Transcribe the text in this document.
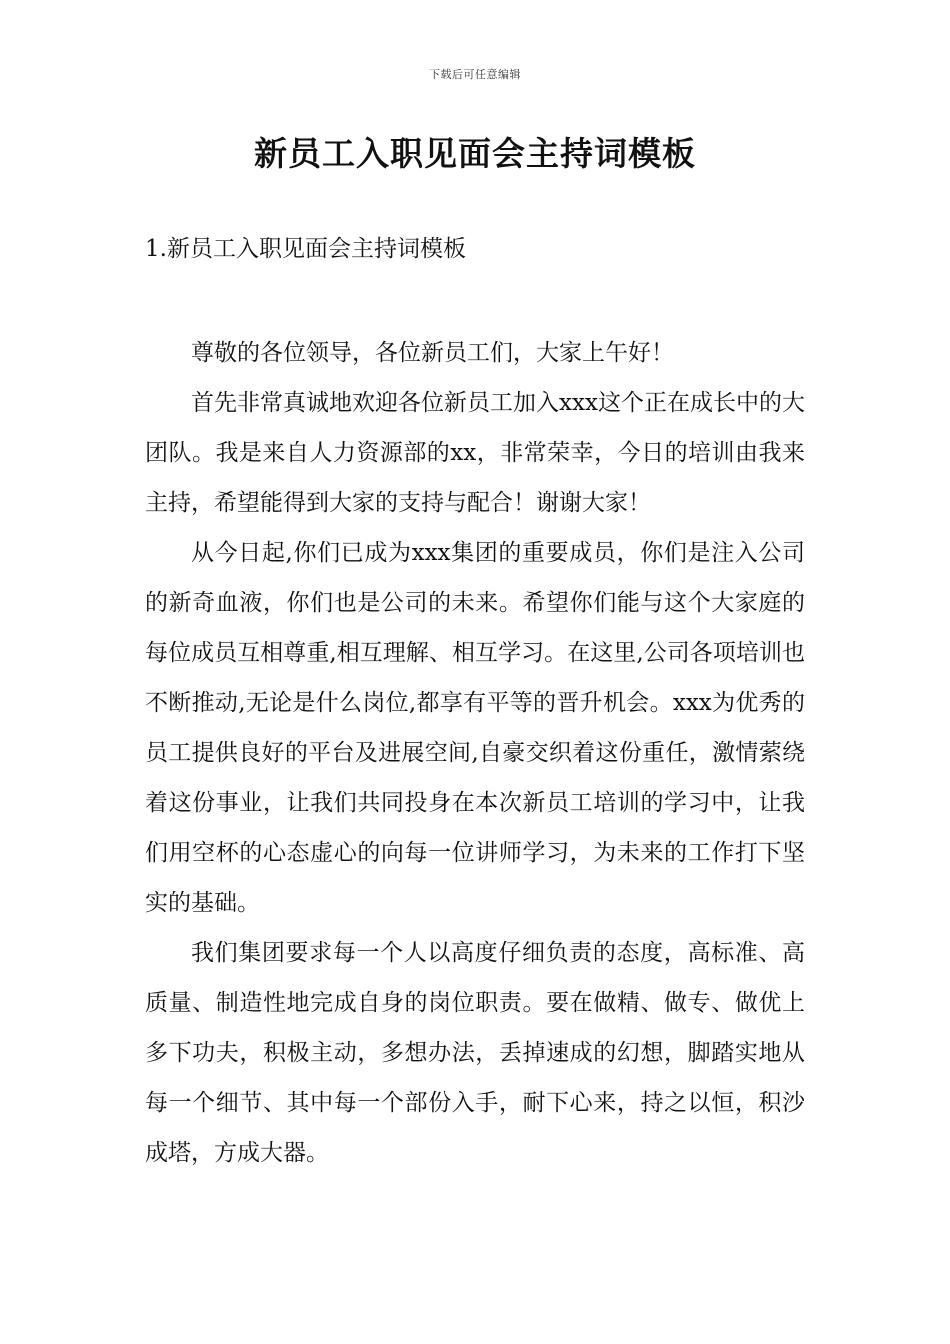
下载后可任意编辑
新员工入职见面会主持词模板
1.新员工入职见面会主持词模板

尊敬的各位领导，各位新员工们，大家上午好！

首先非常真诚地欢迎各位新员工加入xxx这个正在成长中的大团队。我是来自人力资源部的xx，非常荣幸，今日的培训由我来主持，希望能得到大家的支持与配合！谢谢大家！

从今日起,你们已成为xxx集团的重要成员，你们是注入公司的新奇血液，你们也是公司的未来。希望你们能与这个大家庭的每位成员互相尊重,相互理解、相互学习。在这里,公司各项培训也不断推动,无论是什么岗位,都享有平等的晋升机会。xxx为优秀的员工提供良好的平台及进展空间,自豪交织着这份重任，激情萦绕着这份事业，让我们共同投身在本次新员工培训的学习中，让我们用空杯的心态虚心的向每一位讲师学习，为未来的工作打下坚实的基础。

我们集团要求每一个人以高度仔细负责的态度，高标准、高质量、制造性地完成自身的岗位职责。要在做精、做专、做优上多下功夫，积极主动，多想办法，丢掉速成的幻想，脚踏实地从每一个细节、其中每一个部份入手，耐下心来，持之以恒，积沙成塔，方成大器。
